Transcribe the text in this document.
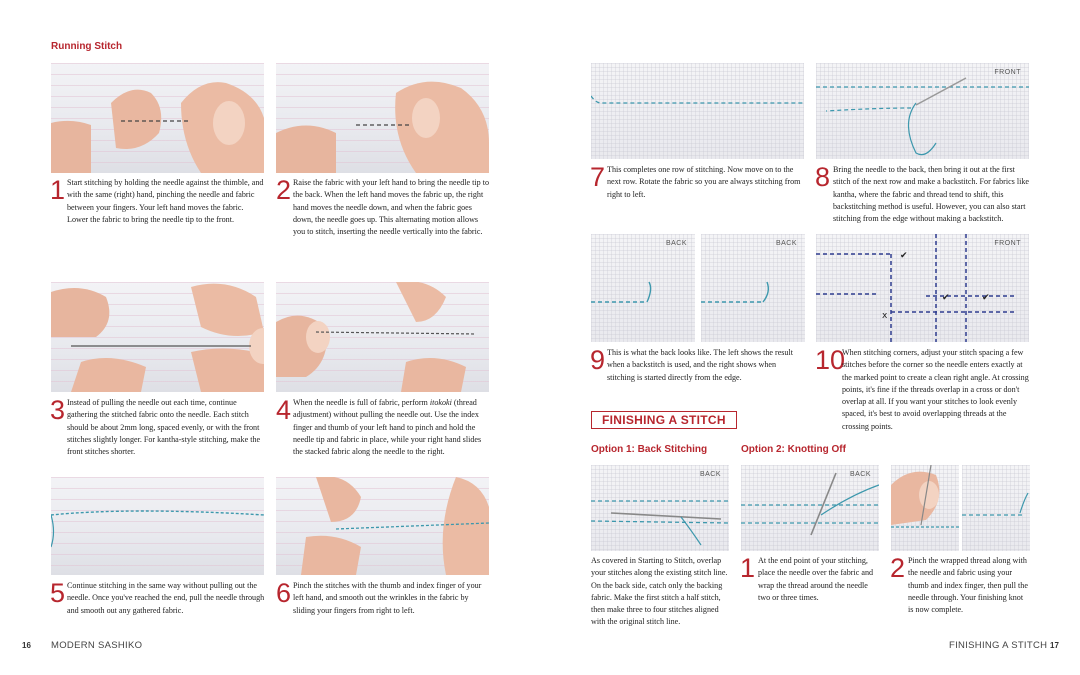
Running Stitch
1 Start stitching by holding the needle against the thimble, and with the same (right) hand, pinching the needle and fabric between your fingers. Your left hand moves the fabric. Lower the fabric to bring the needle tip to the front.
2 Raise the fabric with your left hand to bring the needle tip to the back. When the left hand moves the fabric up, the right hand moves the needle down, and when the fabric goes down, the needle goes up. This alternating motion allows you to stitch, inserting the needle vertically into the fabric.
3 Instead of pulling the needle out each time, continue gathering the stitched fabric onto the needle. Each stitch should be about 2mm long, spaced evenly, or with the front stitches slightly longer. For kantha-style stitching, make the front stitches shorter.
4 When the needle is full of fabric, perform itokoki (thread adjustment) without pulling the needle out. Use the index finger and thumb of your left hand to pinch and hold the needle tip and fabric in place, while your right hand slides the stacked fabric along the needle to the right.
5 Continue stitching in the same way without pulling out the needle. Once you've reached the end, pull the needle through and smooth out any gathered fabric.
6 Pinch the stitches with the thumb and index finger of your left hand, and smooth out the wrinkles in the fabric by sliding your fingers from right to left.
16 MODERN SASHIKO
FRONT
7 This completes one row of stitching. Now move on to the next row. Rotate the fabric so you are always stitching from right to left.
8 Bring the needle to the back, then bring it out at the first stitch of the next row and make a backstitch. For fabrics like kantha, where the fabric and thread tend to shift, this backstitching method is useful. However, you can also start stitching from the edge without making a backstitch.
BACK	BACK	FRONT
✔
✔	✔
x
9 This is what the back looks like. The left shows the result when a backstitch is used, and the right shows when stitching is started directly from the edge.
10
When stitching corners, adjust your stitch spacing a few stitches before the corner so the needle enters exactly at the marked point to create a clean right angle. At crossing points, it's fine if the threads overlap in a cross or don't overlap at all. If you want your stitches to look evenly spaced, it's best to avoid overlapping threads at the crossing points.
FINISHING A STITCH
Option 1: Back Stitching	Option 2: Knotting Off
BACK	BACK
As covered in Starting to Stitch, overlap your stitches along the existing stitch line. On the back side, catch only the backing fabric. Make the first stitch a half stitch, then make three to four stitches aligned with the original stitch line.
1 At the end point of your stitching, place the needle over the fabric and wrap the thread around the needle two or three times.
2 Pinch the wrapped thread along with the needle and fabric using your thumb and index finger, then pull the needle through. Your finishing knot is now complete.
FINISHING A STITCH 17
